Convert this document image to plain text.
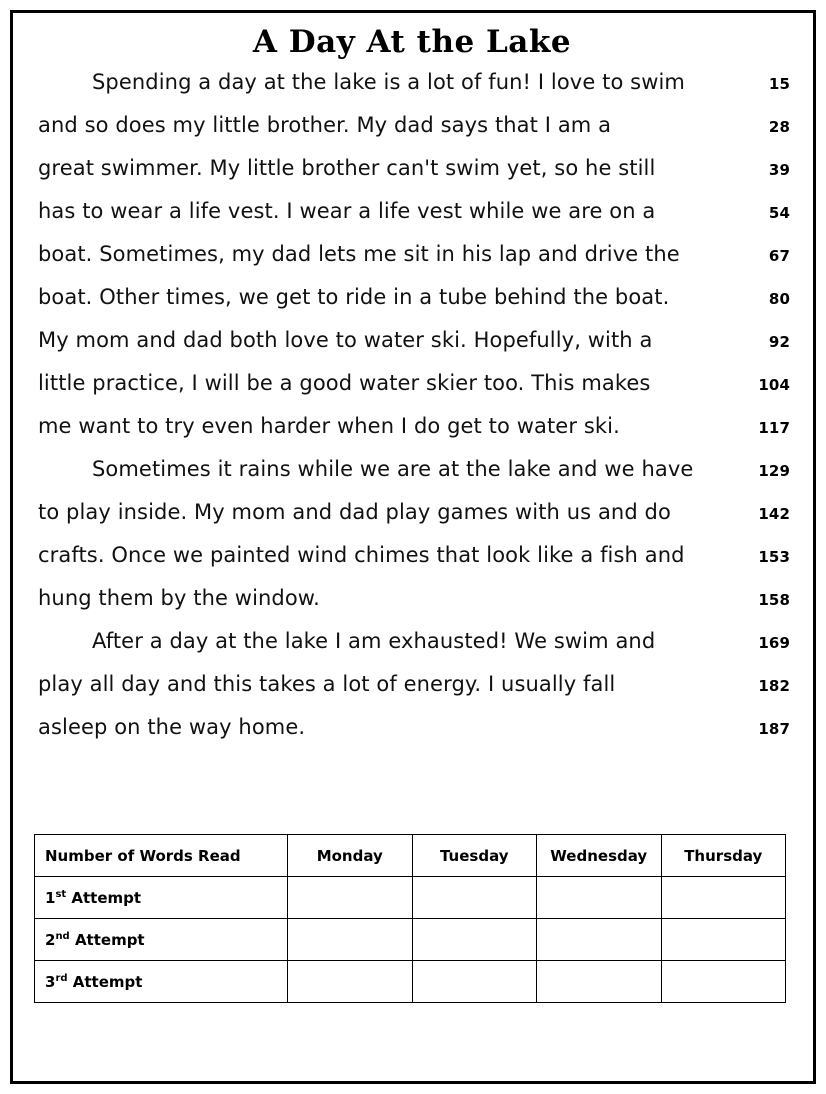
A Day At the Lake
Spending a day at the lake is a lot of fun! I love to swim	15
and so does my little brother. My dad says that I am a	28
great swimmer. My little brother can't swim yet, so he still	39
has to wear a life vest. I wear a life vest while we are on a	54
boat. Sometimes, my dad lets me sit in his lap and drive the	67
boat. Other times, we get to ride in a tube behind the boat.	80
My mom and dad both love to water ski. Hopefully, with a	92
little practice, I will be a good water skier too. This makes	104
me want to try even harder when I do get to water ski.	117
Sometimes it rains while we are at the lake and we have	129
to play inside. My mom and dad play games with us and do	142
crafts. Once we painted wind chimes that look like a fish and	153
hung them by the window.	158
After a day at the lake I am exhausted! We swim and	169
play all day and this takes a lot of energy. I usually fall	182
asleep on the way home.	187
Number of Words Read	Monday	Tuesday	Wednesday	Thursday
1st Attempt				
2nd Attempt				
3rd Attempt				
